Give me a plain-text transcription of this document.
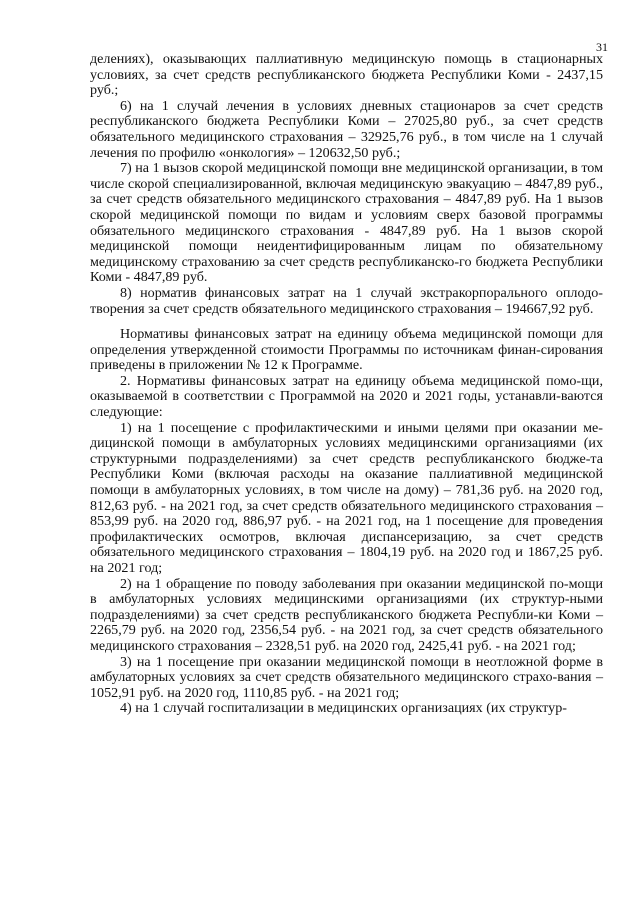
31

делениях), оказывающих паллиативную медицинскую помощь в стационарных условиях, за счет средств республиканского бюджета Республики Коми - 2437,15 руб.;

6) на 1 случай лечения в условиях дневных стационаров за счет средств республиканского бюджета Республики Коми – 27025,80 руб., за счет средств обязательного медицинского страхования – 32925,76 руб., в том числе на 1 случай лечения по профилю «онкология» – 120632,50 руб.;

7) на 1 вызов скорой медицинской помощи вне медицинской организации, в том числе скорой специализированной, включая медицинскую эвакуацию – 4847,89 руб., за счет средств обязательного медицинского страхования – 4847,89 руб. На 1 вызов скорой медицинской помощи по видам и условиям сверх базовой программы обязательного медицинского страхования - 4847,89 руб. На 1 вызов скорой медицинской помощи неидентифицированным лицам по обязательному медицинскому страхованию за счет средств республиканско-го бюджета Республики Коми - 4847,89 руб.

8) норматив финансовых затрат на 1 случай экстракорпорального оплодо-творения за счет средств обязательного медицинского страхования – 194667,92 руб.

Нормативы финансовых затрат на единицу объема медицинской помощи для определения утвержденной стоимости Программы по источникам финан-сирования приведены в приложении № 12 к Программе.

2. Нормативы финансовых затрат на единицу объема медицинской помо-щи, оказываемой в соответствии с Программой на 2020 и 2021 годы, устанавли-ваются следующие:

1) на 1 посещение с профилактическими и иными целями при оказании ме-дицинской помощи в амбулаторных условиях медицинскими организациями (их структурными подразделениями) за счет средств республиканского бюдже-та Республики Коми (включая расходы на оказание паллиативной медицинской помощи в амбулаторных условиях, в том числе на дому) – 781,36 руб. на 2020 год, 812,63 руб. - на 2021 год, за счет средств обязательного медицинского страхования – 853,99 руб. на 2020 год, 886,97 руб. - на 2021 год, на 1 посещение для проведения профилактических осмотров, включая диспансеризацию, за счет средств обязательного медицинского страхования – 1804,19 руб. на 2020 год и 1867,25 руб. на 2021 год;

2) на 1 обращение по поводу заболевания при оказании медицинской по-мощи в амбулаторных условиях медицинскими организациями (их структур-ными подразделениями) за счет средств республиканского бюджета Республи-ки Коми – 2265,79 руб. на 2020 год, 2356,54 руб. - на 2021 год, за счет средств обязательного медицинского страхования – 2328,51 руб. на 2020 год, 2425,41 руб. - на 2021 год;

3) на 1 посещение при оказании медицинской помощи в неотложной форме в амбулаторных условиях за счет средств обязательного медицинского страхо-вания – 1052,91 руб. на 2020 год, 1110,85 руб. - на 2021 год;

4) на 1 случай госпитализации в медицинских организациях (их структур-
